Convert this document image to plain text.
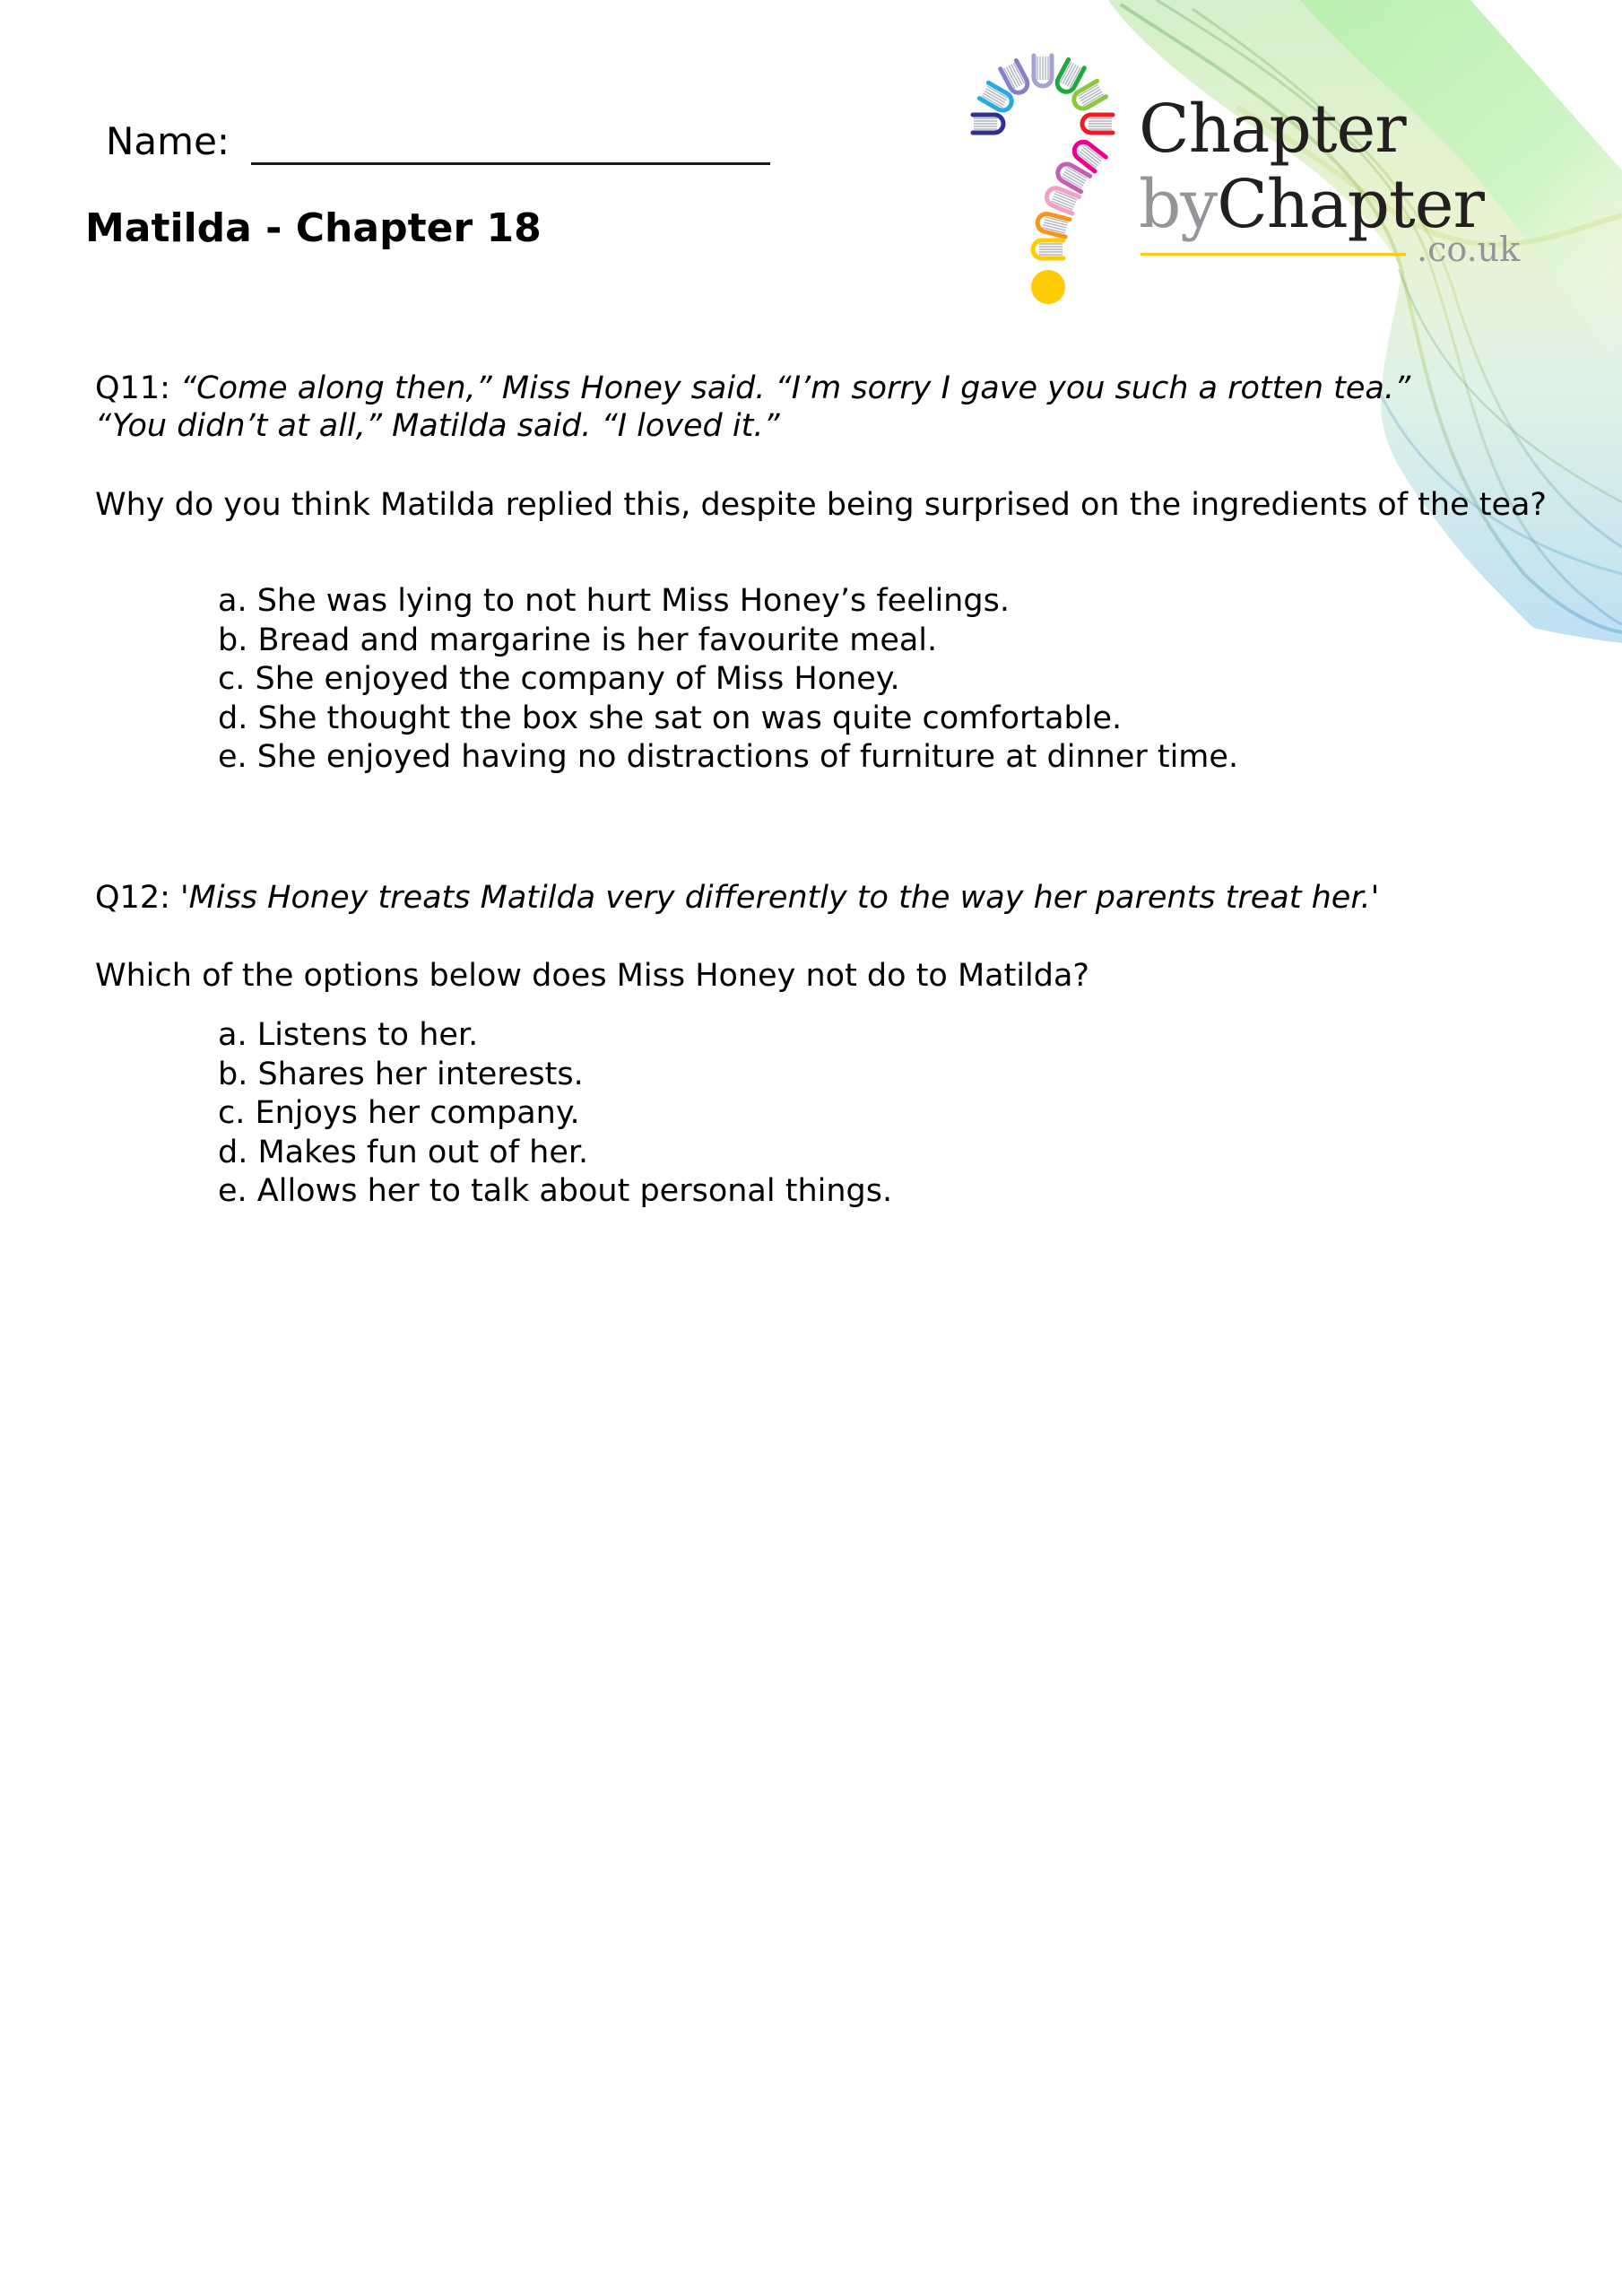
Chapter
byChapter
.co.uk
Name:
Matilda - Chapter 18
Q11: “Come along then,” Miss Honey said. “I’m sorry I gave you such a rotten tea.”
“You didn’t at all,” Matilda said. “I loved it.”
Why do you think Matilda replied this, despite being surprised on the ingredients of the tea?
a. She was lying to not hurt Miss Honey’s feelings.
b. Bread and margarine is her favourite meal.
c. She enjoyed the company of Miss Honey.
d. She thought the box she sat on was quite comfortable.
e. She enjoyed having no distractions of furniture at dinner time.
Q12: 'Miss Honey treats Matilda very differently to the way her parents treat her.'
Which of the options below does Miss Honey not do to Matilda?
a. Listens to her.
b. Shares her interests.
c. Enjoys her company.
d. Makes fun out of her.
e. Allows her to talk about personal things.
